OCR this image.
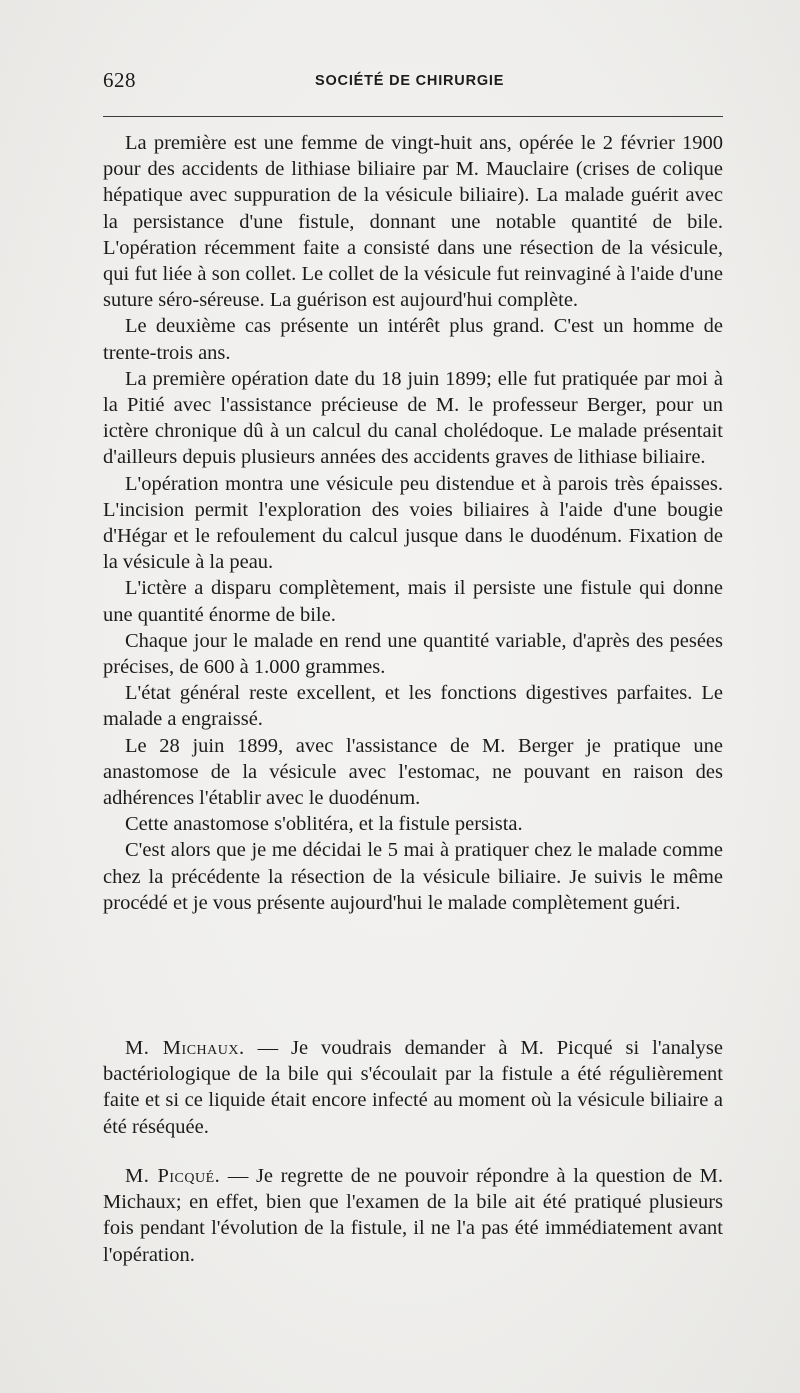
628	SOCIÉTÉ DE CHIRURGIE

La première est une femme de vingt-huit ans, opérée le 2 février 1900 pour des accidents de lithiase biliaire par M. Mauclaire (crises de colique hépatique avec suppuration de la vésicule biliaire). La malade guérit avec la persistance d'une fistule, donnant une notable quantité de bile. L'opération récemment faite a consisté dans une résection de la vésicule, qui fut liée à son collet. Le collet de la vésicule fut reinvaginé à l'aide d'une suture séro-séreuse. La guérison est aujourd'hui complète.

Le deuxième cas présente un intérêt plus grand. C'est un homme de trente-trois ans.

La première opération date du 18 juin 1899; elle fut pratiquée par moi à la Pitié avec l'assistance précieuse de M. le professeur Berger, pour un ictère chronique dû à un calcul du canal cholédoque. Le malade présentait d'ailleurs depuis plusieurs années des accidents graves de lithiase biliaire.

L'opération montra une vésicule peu distendue et à parois très épaisses. L'incision permit l'exploration des voies biliaires à l'aide d'une bougie d'Hégar et le refoulement du calcul jusque dans le duodénum. Fixation de la vésicule à la peau.

L'ictère a disparu complètement, mais il persiste une fistule qui donne une quantité énorme de bile.

Chaque jour le malade en rend une quantité variable, d'après des pesées précises, de 600 à 1.000 grammes.

L'état général reste excellent, et les fonctions digestives parfaites. Le malade a engraissé.

Le 28 juin 1899, avec l'assistance de M. Berger je pratique une anastomose de la vésicule avec l'estomac, ne pouvant en raison des adhérences l'établir avec le duodénum.

Cette anastomose s'oblitéra, et la fistule persista.

C'est alors que je me décidai le 5 mai à pratiquer chez le malade comme chez la précédente la résection de la vésicule biliaire. Je suivis le même procédé et je vous présente aujourd'hui le malade complètement guéri.

M. Michaux. — Je voudrais demander à M. Picqué si l'analyse bactériologique de la bile qui s'écoulait par la fistule a été régulièrement faite et si ce liquide était encore infecté au moment où la vésicule biliaire a été réséquée.

M. Picqué. — Je regrette de ne pouvoir répondre à la question de M. Michaux; en effet, bien que l'examen de la bile ait été pratiqué plusieurs fois pendant l'évolution de la fistule, il ne l'a pas été immédiatement avant l'opération.
